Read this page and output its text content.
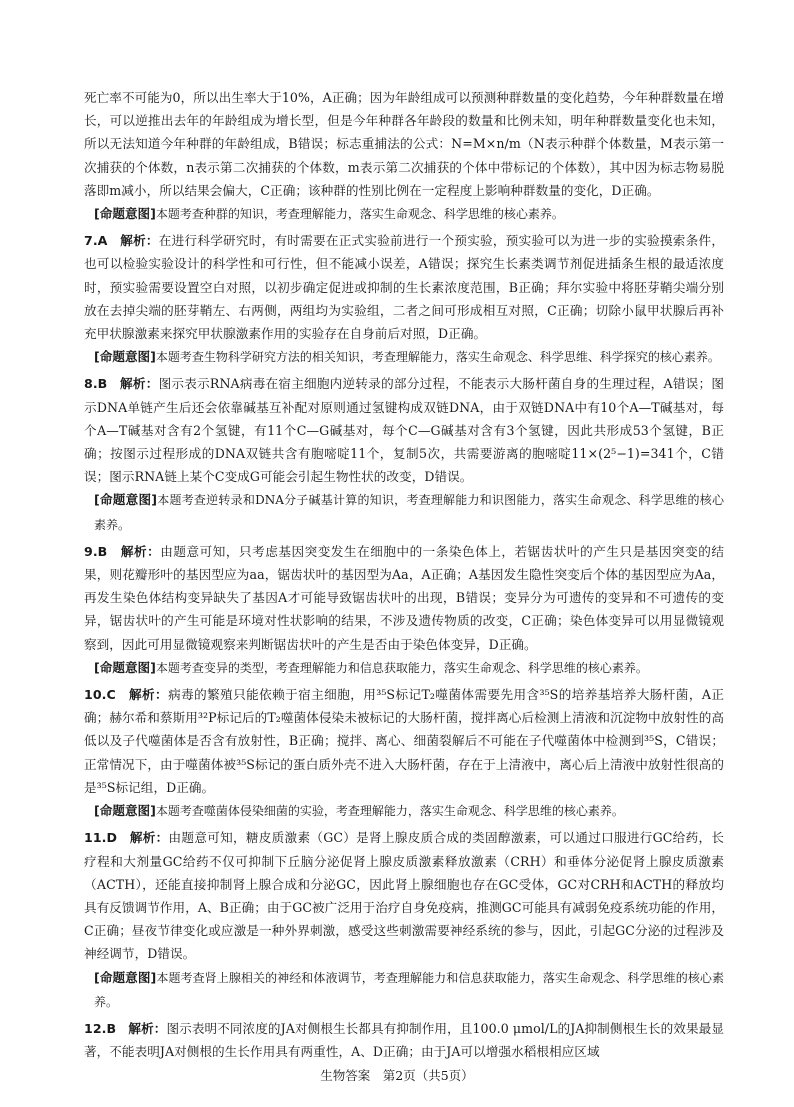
死亡率不可能为0，所以出生率大于10%，A正确；因为年龄组成可以预测种群数量的变化趋势，今年种群数量在增长，可以逆推出去年的年龄组成为增长型，但是今年种群各年龄段的数量和比例未知，明年种群数量变化也未知，所以无法知道今年种群的年龄组成，B错误；标志重捕法的公式：N=M×n/m（N表示种群个体数量，M表示第一次捕获的个体数，n表示第二次捕获的个体数，m表示第二次捕获的个体中带标记的个体数），其中因为标志物易脱落即m减小，所以结果会偏大，C正确；该种群的性别比例在一定程度上影响种群数量的变化，D正确。

[命题意图]本题考查种群的知识，考查理解能力，落实生命观念、科学思维的核心素养。

7.A 解析：在进行科学研究时，有时需要在正式实验前进行一个预实验，预实验可以为进一步的实验摸索条件，也可以检验实验设计的科学性和可行性，但不能减小误差，A错误；探究生长素类调节剂促进插条生根的最适浓度时，预实验需要设置空白对照，以初步确定促进或抑制的生长素浓度范围，B正确；拜尔实验中将胚芽鞘尖端分别放在去掉尖端的胚芽鞘左、右两侧，两组均为实验组，二者之间可形成相互对照，C正确；切除小鼠甲状腺后再补充甲状腺激素来探究甲状腺激素作用的实验存在自身前后对照，D正确。

[命题意图]本题考查生物科学研究方法的相关知识，考查理解能力，落实生命观念、科学思维、科学探究的核心素养。

8.B 解析：图示表示RNA病毒在宿主细胞内逆转录的部分过程，不能表示大肠杆菌自身的生理过程，A错误；图示DNA单链产生后还会依靠碱基互补配对原则通过氢键构成双链DNA，由于双链DNA中有10个A—T碱基对，每个A—T碱基对含有2个氢键，有11个C—G碱基对，每个C—G碱基对含有3个氢键，因此共形成53个氢键，B正确；按图示过程形成的DNA双链共含有胞嘧啶11个，复制5次，共需要游离的胞嘧啶11×(2⁵−1)=341个，C错误；图示RNA链上某个C变成G可能会引起生物性状的改变，D错误。

[命题意图]本题考查逆转录和DNA分子碱基计算的知识，考查理解能力和识图能力，落实生命观念、科学思维的核心素养。

9.B 解析：由题意可知，只考虑基因突变发生在细胞中的一条染色体上，若锯齿状叶的产生只是基因突变的结果，则花瓣形叶的基因型应为aa，锯齿状叶的基因型为Aa，A正确；A基因发生隐性突变后个体的基因型应为Aa，再发生染色体结构变异缺失了基因A才可能导致锯齿状叶的出现，B错误；变异分为可遗传的变异和不可遗传的变异，锯齿状叶的产生可能是环境对性状影响的结果，不涉及遗传物质的改变，C正确；染色体变异可以用显微镜观察到，因此可用显微镜观察来判断锯齿状叶的产生是否由于染色体变异，D正确。

[命题意图]本题考查变异的类型，考查理解能力和信息获取能力，落实生命观念、科学思维的核心素养。

10.C 解析：病毒的繁殖只能依赖于宿主细胞，用³⁵S标记T₂噬菌体需要先用含³⁵S的培养基培养大肠杆菌，A正确；赫尔希和蔡斯用³²P标记后的T₂噬菌体侵染未被标记的大肠杆菌，搅拌离心后检测上清液和沉淀物中放射性的高低以及子代噬菌体是否含有放射性，B正确；搅拌、离心、细菌裂解后不可能在子代噬菌体中检测到³⁵S，C错误；正常情况下，由于噬菌体被³⁵S标记的蛋白质外壳不进入大肠杆菌，存在于上清液中，离心后上清液中放射性很高的是³⁵S标记组，D正确。

[命题意图]本题考查噬菌体侵染细菌的实验，考查理解能力，落实生命观念、科学思维的核心素养。

11.D 解析：由题意可知，糖皮质激素（GC）是肾上腺皮质合成的类固醇激素，可以通过口服进行GC给药，长疗程和大剂量GC给药不仅可抑制下丘脑分泌促肾上腺皮质激素释放激素（CRH）和垂体分泌促肾上腺皮质激素（ACTH），还能直接抑制肾上腺合成和分泌GC，因此肾上腺细胞也存在GC受体，GC对CRH和ACTH的释放均具有反馈调节作用，A、B正确；由于GC被广泛用于治疗自身免疫病，推测GC可能具有减弱免疫系统功能的作用，C正确；昼夜节律变化或应激是一种外界刺激，感受这些刺激需要神经系统的参与，因此，引起GC分泌的过程涉及神经调节，D错误。

[命题意图]本题考查肾上腺相关的神经和体液调节，考查理解能力和信息获取能力，落实生命观念、科学思维的核心素养。

12.B 解析：图示表明不同浓度的JA对侧根生长都具有抑制作用，且100.0 μmol/L的JA抑制侧根生长的效果最显著，不能表明JA对侧根的生长作用具有两重性，A、D正确；由于JA可以增强水稻根相应区域

生物答案　第2页（共5页）
